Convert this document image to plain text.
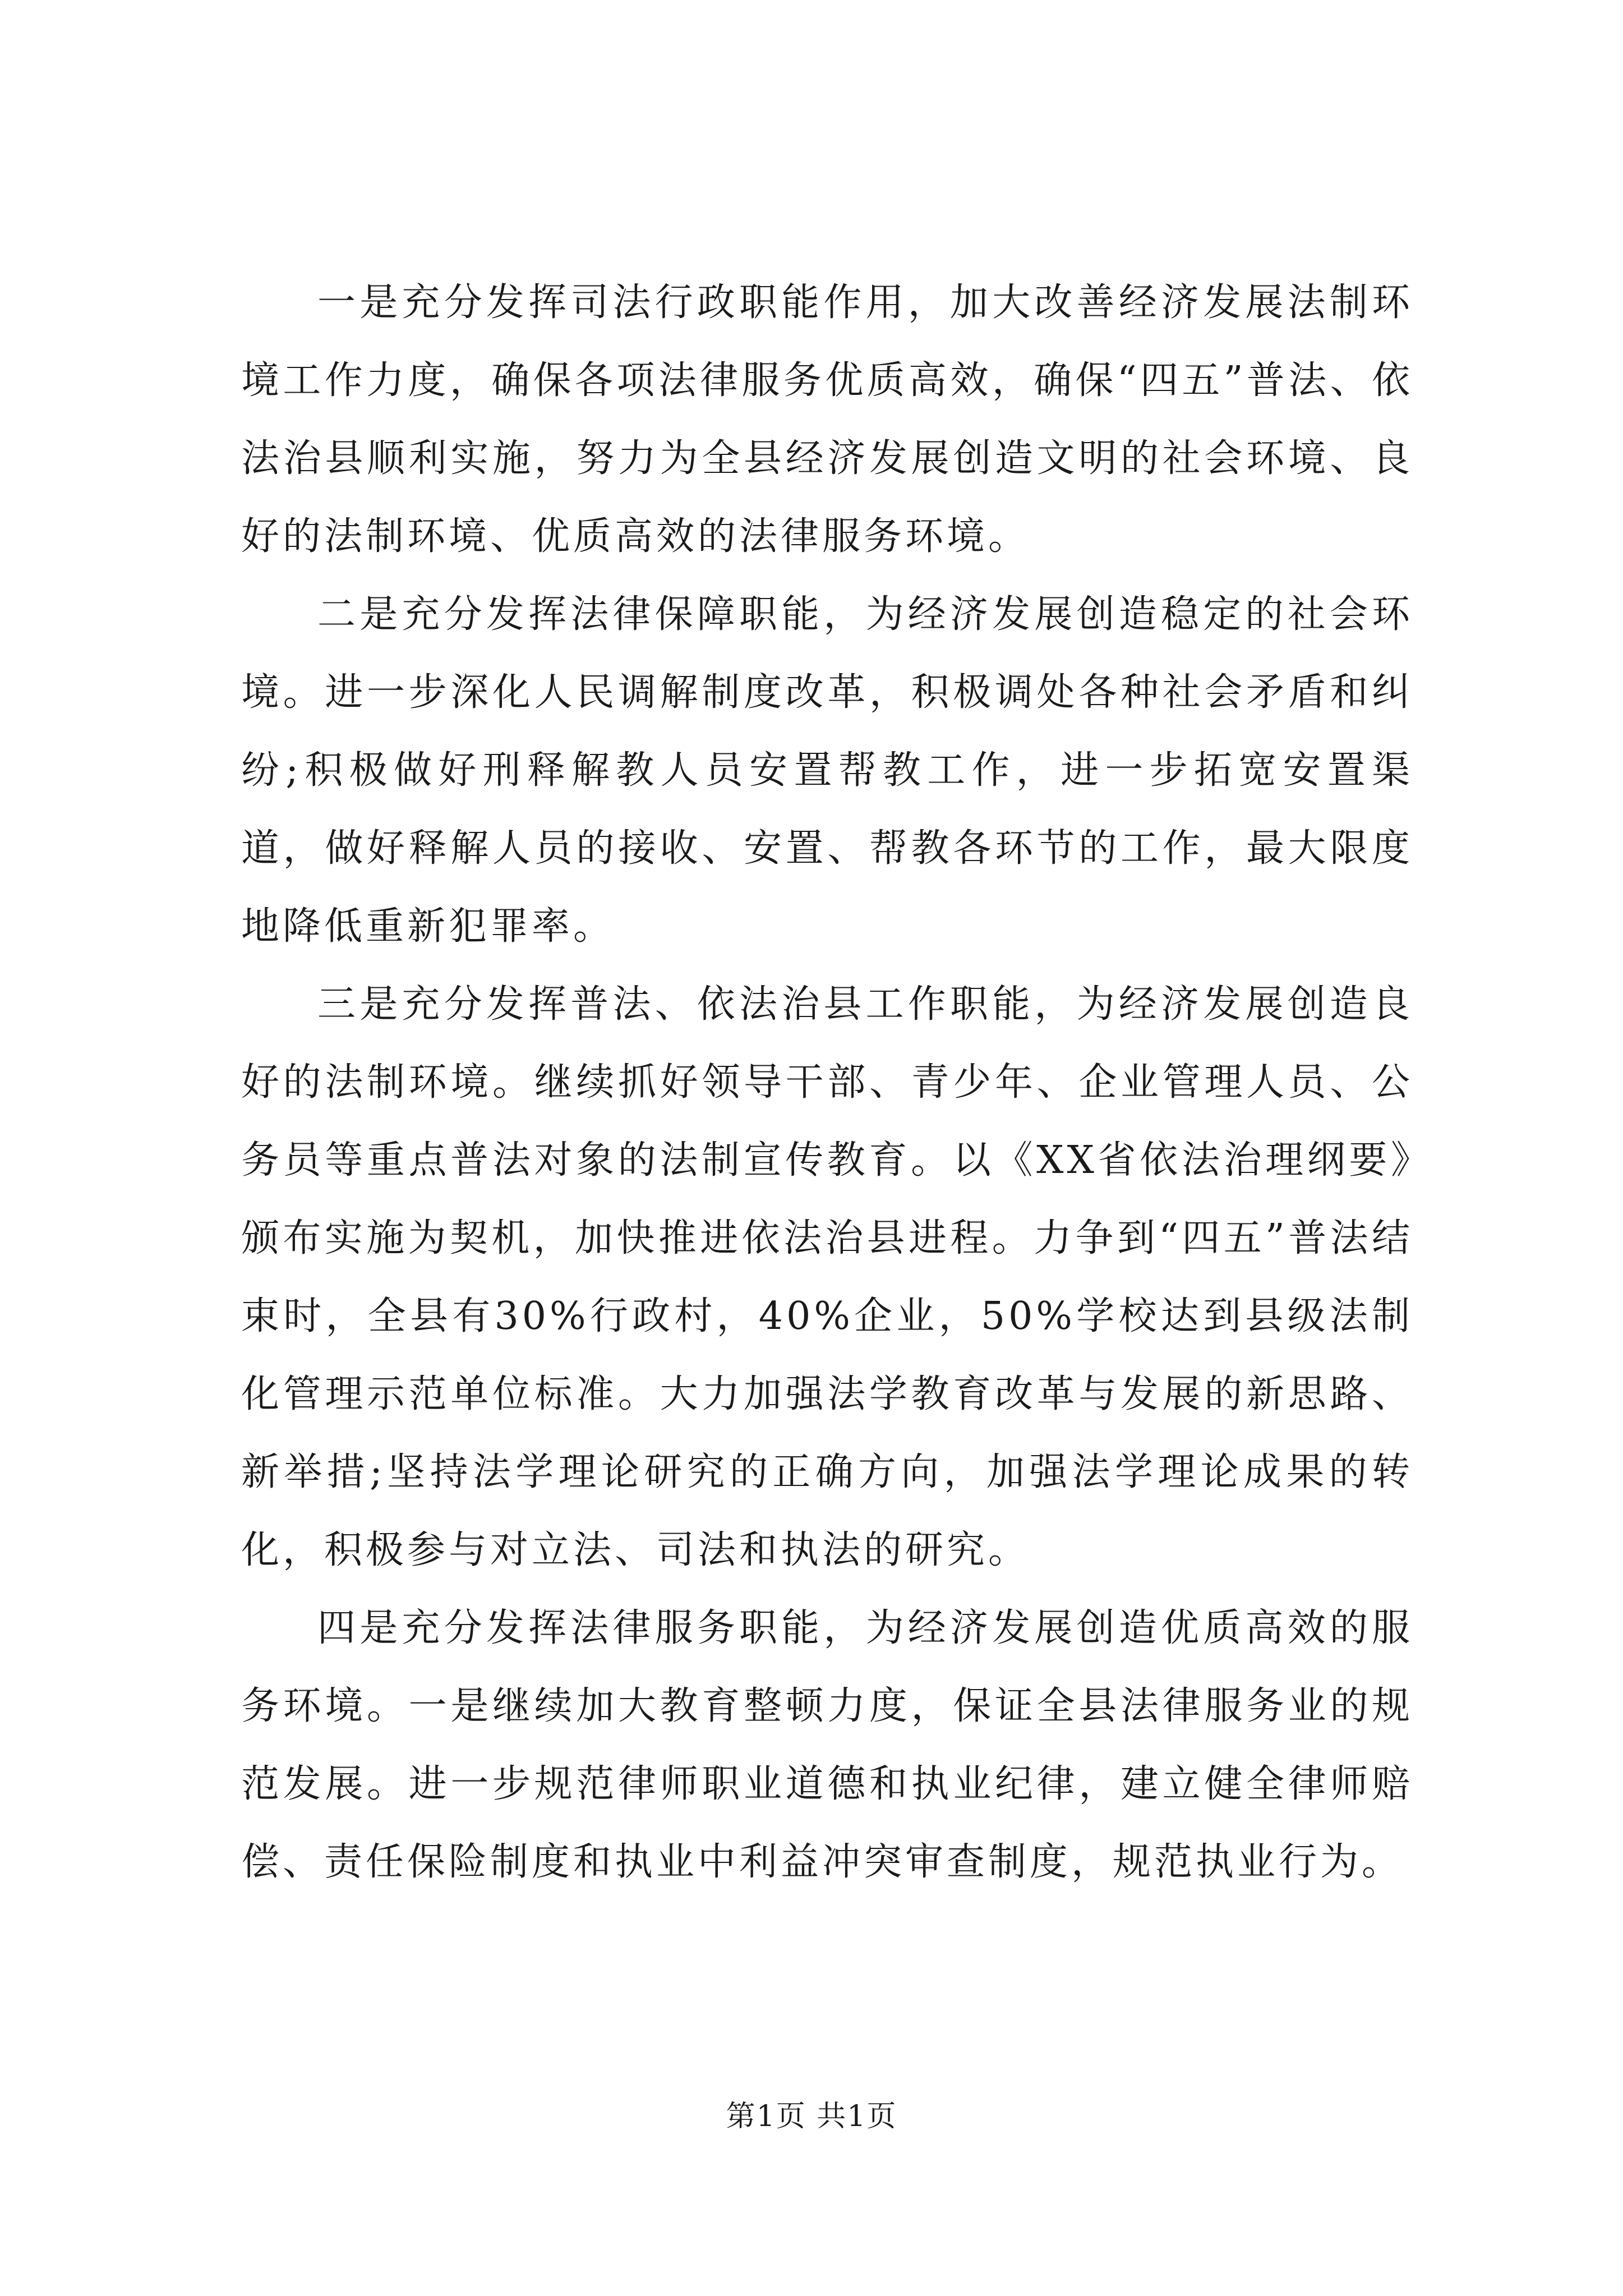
一是充分发挥司法行政职能作用，加大改善经济发展法制环境工作力度，确保各项法律服务优质高效，确保“四五”普法、依法治县顺利实施，努力为全县经济发展创造文明的社会环境、良好的法制环境、优质高效的法律服务环境。

二是充分发挥法律保障职能，为经济发展创造稳定的社会环境。进一步深化人民调解制度改革，积极调处各种社会矛盾和纠纷;积极做好刑释解教人员安置帮教工作，进一步拓宽安置渠道，做好释解人员的接收、安置、帮教各环节的工作，最大限度地降低重新犯罪率。

三是充分发挥普法、依法治县工作职能，为经济发展创造良好的法制环境。继续抓好领导干部、青少年、企业管理人员、公务员等重点普法对象的法制宣传教育。以《XX省依法治理纲要》颁布实施为契机，加快推进依法治县进程。力争到“四五”普法结束时，全县有30%行政村，40%企业，50%学校达到县级法制化管理示范单位标准。大力加强法学教育改革与发展的新思路、新举措;坚持法学理论研究的正确方向，加强法学理论成果的转化，积极参与对立法、司法和执法的研究。

四是充分发挥法律服务职能，为经济发展创造优质高效的服务环境。一是继续加大教育整顿力度，保证全县法律服务业的规范发展。进一步规范律师职业道德和执业纪律，建立健全律师赔偿、责任保险制度和执业中利益冲突审查制度，规范执业行为。

第1页 共1页
